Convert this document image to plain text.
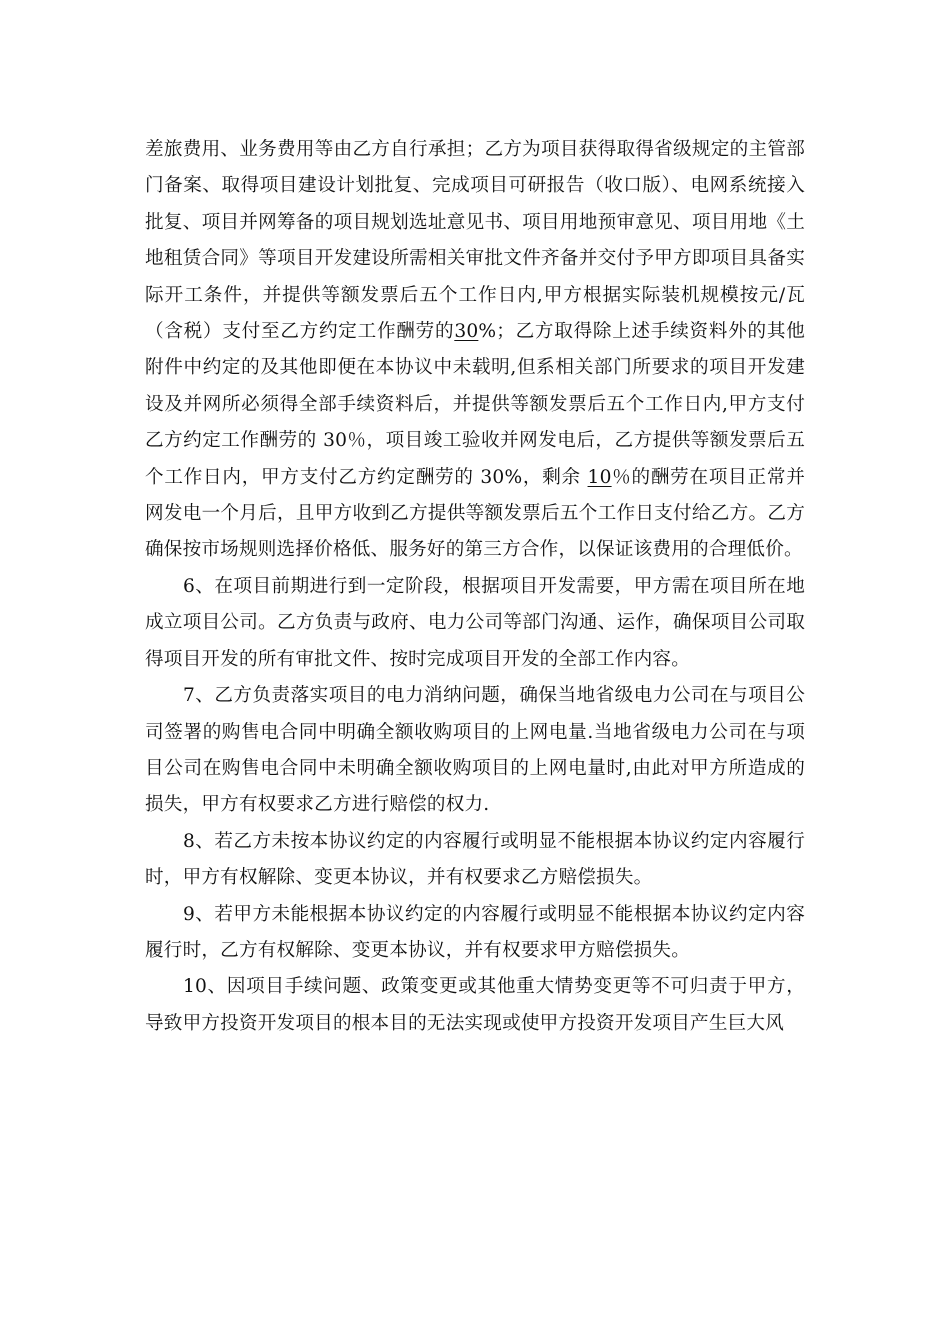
差旅费用、业务费用等由乙方自行承担；乙方为项目获得取得省级规定的主管部门备案、取得项目建设计划批复、完成项目可研报告（收口版）、电网系统接入批复、项目并网筹备的项目规划选址意见书、项目用地预审意见、项目用地《土地租赁合同》等项目开发建设所需相关审批文件齐备并交付予甲方即项目具备实际开工条件，并提供等额发票后五个工作日内,甲方根据实际装机规模按元/瓦（含税）支付至乙方约定工作酬劳的30%；乙方取得除上述手续资料外的其他附件中约定的及其他即便在本协议中未载明,但系相关部门所要求的项目开发建设及并网所必须得全部手续资料后，并提供等额发票后五个工作日内,甲方支付乙方约定工作酬劳的 30％，项目竣工验收并网发电后，乙方提供等额发票后五个工作日内，甲方支付乙方约定酬劳的 30%，剩余 10％的酬劳在项目正常并网发电一个月后，且甲方收到乙方提供等额发票后五个工作日支付给乙方。乙方确保按市场规则选择价格低、服务好的第三方合作，以保证该费用的合理低价。

6、在项目前期进行到一定阶段，根据项目开发需要，甲方需在项目所在地成立项目公司。乙方负责与政府、电力公司等部门沟通、运作，确保项目公司取得项目开发的所有审批文件、按时完成项目开发的全部工作内容。

7、乙方负责落实项目的电力消纳问题，确保当地省级电力公司在与项目公司签署的购售电合同中明确全额收购项目的上网电量.当地省级电力公司在与项目公司在购售电合同中未明确全额收购项目的上网电量时,由此对甲方所造成的损失，甲方有权要求乙方进行赔偿的权力.

8、若乙方未按本协议约定的内容履行或明显不能根据本协议约定内容履行时，甲方有权解除、变更本协议，并有权要求乙方赔偿损失。

9、若甲方未能根据本协议约定的内容履行或明显不能根据本协议约定内容履行时，乙方有权解除、变更本协议，并有权要求甲方赔偿损失。

10、因项目手续问题、政策变更或其他重大情势变更等不可归责于甲方，导致甲方投资开发项目的根本目的无法实现或使甲方投资开发项目产生巨大风
